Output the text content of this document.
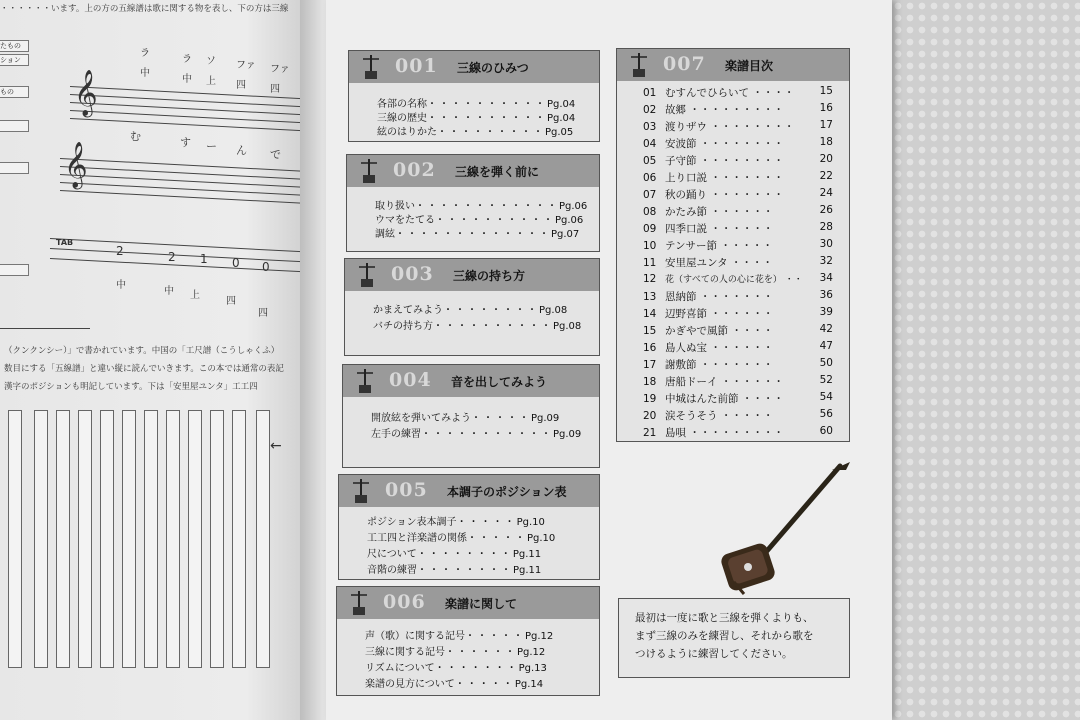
・・・・・・います。上の方の五線譜は歌に関する物を表し、下の方は三線
たもの
ション
もの
ラ
ラ ソ ファ ファ
中
中 上 四 四
𝄞
む	す ー ん で
𝄞
TAB
2	2 1 0 0
中
中 上
四
四
（クンクンシー）」で書かれています。中国の「工尺譜（こうしゃくふ）
数目にする「五線譜」と違い縦に読んでいきます。この本では通常の表記
漢字のポジションも明記しています。下は「安里屋ユンタ」工工四
←
001 三線のひみつ
各部の名称・・・・・・・・・・Pg.04
三線の歴史・・・・・・・・・・Pg.04
絃のはりかた・・・・・・・・・Pg.05
002 三線を弾く前に
取り扱い・・・・・・・・・・・・Pg.06
ウマをたてる・・・・・・・・・・Pg.06
調絃・・・・・・・・・・・・・Pg.07
003 三線の持ち方
かまえてみよう・・・・・・・・Pg.08
バチの持ち方・・・・・・・・・・Pg.08
004 音を出してみよう
開放絃を弾いてみよう・・・・・Pg.09
左手の練習・・・・・・・・・・・Pg.09
005 本調子のポジション表
ポジション表本調子・・・・・Pg.10
工工四と洋楽譜の関係・・・・・Pg.10
尺について・・・・・・・・Pg.11
音階の練習・・・・・・・・Pg.11
006 楽譜に関して
声（歌）に関する記号・・・・・Pg.12
三線に関する記号・・・・・・Pg.12
リズムについて・・・・・・・Pg.13
楽譜の見方について・・・・・Pg.14
007 楽譜目次
01 むすんでひらいて ・・・・ 15
02 故郷 ・・・・・・・・・	16
03 渡りザウ ・・・・・・・・ 17
04 安波節 ・・・・・・・・	18
05 子守節 ・・・・・・・・	20
06 上り口説 ・・・・・・・	22
07 秋の踊り ・・・・・・・	24
08 かたみ節 ・・・・・・	26
09 四季口説 ・・・・・・	28
10 テンサー節 ・・・・・	30
11 安里屋ユンタ ・・・・	32
12 花（すべての人の心に花を） ・・ 34
13 恩納節 ・・・・・・・	36
14 辺野喜節 ・・・・・・	39
15 かぎやで風節 ・・・・	42
16 島人ぬ宝 ・・・・・・	47
17 謝敷節 ・・・・・・・	50
18 唐船ドーイ ・・・・・・	52
19 中城はんた前節 ・・・・	54
20 涙そうそう ・・・・・	56
21 島唄 ・・・・・・・・・	60
最初は一度に歌と三線を弾くよりも、
まず三線のみを練習し、それから歌を
つけるように練習してください。
